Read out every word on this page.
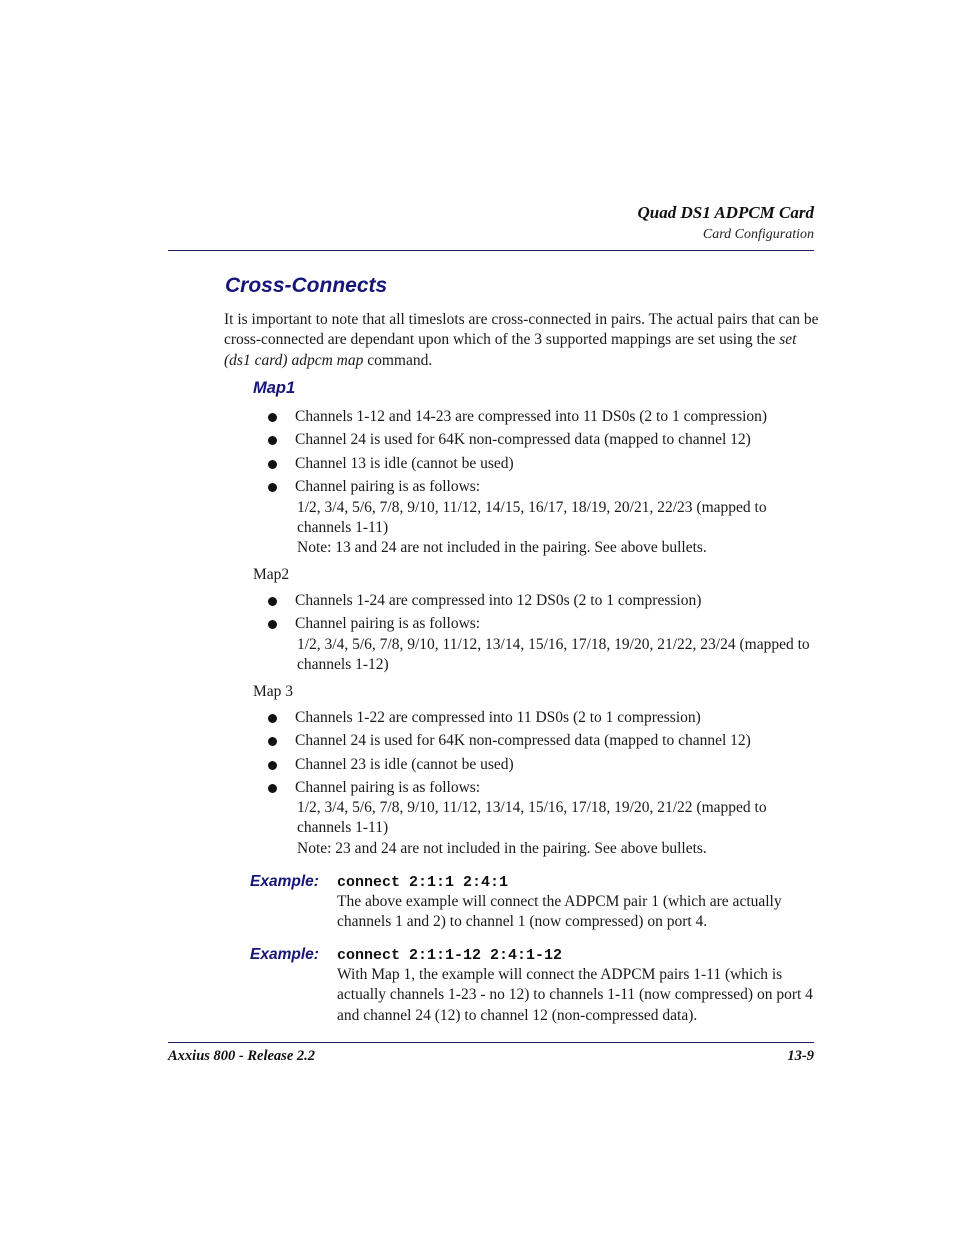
Quad DS1 ADPCM Card
Card Configuration
Cross-Connects
It is important to note that all timeslots are cross-connected in pairs. The actual pairs that can be cross-connected are dependant upon which of the 3 supported mappings are set using the set (ds1 card) adpcm map command.
Map1
Channels 1-12 and 14-23 are compressed into 11 DS0s (2 to 1 compression)
Channel 24 is used for 64K non-compressed data (mapped to channel 12)
Channel 13 is idle (cannot be used)
Channel pairing is as follows:
1/2, 3/4, 5/6, 7/8, 9/10, 11/12, 14/15, 16/17, 18/19, 20/21, 22/23 (mapped to channels 1-11)
Note: 13 and 24 are not included in the pairing. See above bullets.
Map2
Channels 1-24 are compressed into 12 DS0s (2 to 1 compression)
Channel pairing is as follows:
1/2, 3/4, 5/6, 7/8, 9/10, 11/12, 13/14, 15/16, 17/18, 19/20, 21/22, 23/24 (mapped to channels 1-12)
Map 3
Channels 1-22 are compressed into 11 DS0s (2 to 1 compression)
Channel 24 is used for 64K non-compressed data (mapped to channel 12)
Channel 23 is idle (cannot be used)
Channel pairing is as follows:
1/2, 3/4, 5/6, 7/8, 9/10, 11/12, 13/14, 15/16, 17/18, 19/20, 21/22 (mapped to channels 1-11)
Note: 23 and 24 are not included in the pairing. See above bullets.
Example: connect 2:1:1 2:4:1
The above example will connect the ADPCM pair 1 (which are actually channels 1 and 2) to channel 1 (now compressed) on port 4.
Example: connect 2:1:1-12 2:4:1-12
With Map 1, the example will connect the ADPCM pairs 1-11 (which is actually channels 1-23 - no 12) to channels 1-11 (now compressed) on port 4 and channel 24 (12) to channel 12 (non-compressed data).
Axxius 800 - Release 2.2	13-9
